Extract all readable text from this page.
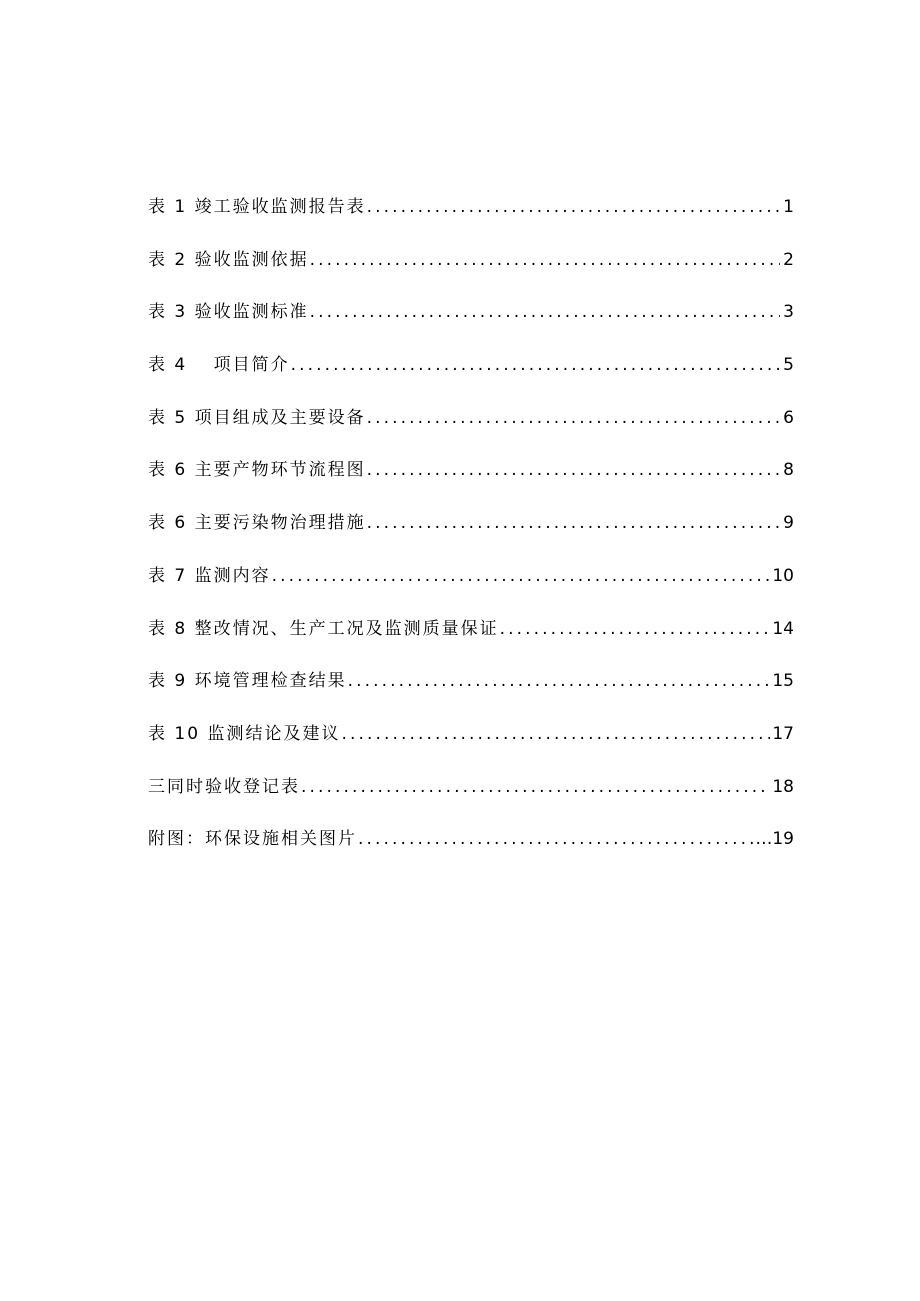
表 1 竣工验收监测报告表 .....	1
表 2 验收监测依据 .....	2
表 3 验收监测标准 .....	3
表 4　 项目简介 .....	5
表 5 项目组成及主要设备 .....	6
表 6 主要产物环节流程图 .....	8
表 6 主要污染物治理措施 .....	9
表 7 监测内容 .....	10
表 8 整改情况、生产工况及监测质量保证 .....	14
表 9 环境管理检查结果 .....	15
表 10 监测结论及建议 .....	17
三同时验收登记表 .....	18
附图：环保设施相关图片 .....	…19
